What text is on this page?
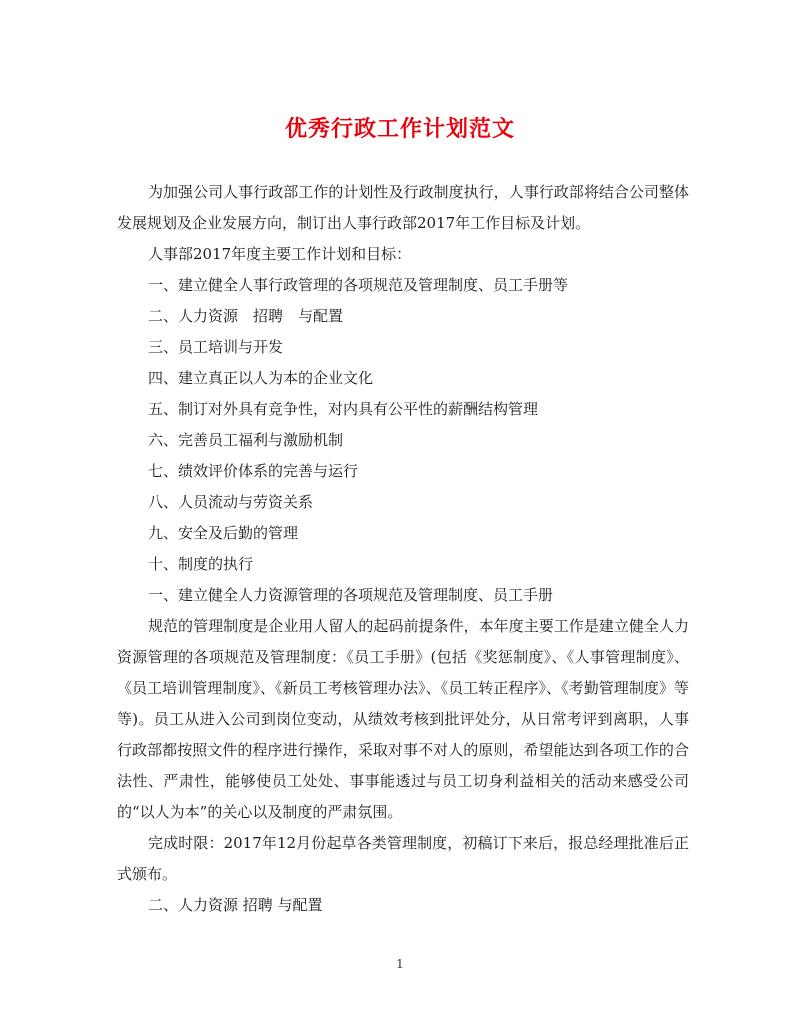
优秀行政工作计划范文

为加强公司人事行政部工作的计划性及行政制度执行，人事行政部将结合公司整体发展规划及企业发展方向，制订出人事行政部2017年工作目标及计划。

人事部2017年度主要工作计划和目标：

一、建立健全人事行政管理的各项规范及管理制度、员工手册等

二、人力资源　招聘　与配置

三、员工培训与开发

四、建立真正以人为本的企业文化

五、制订对外具有竞争性，对内具有公平性的薪酬结构管理

六、完善员工福利与激励机制

七、绩效评价体系的完善与运行

八、人员流动与劳资关系

九、安全及后勤的管理

十、制度的执行

一、建立健全人力资源管理的各项规范及管理制度、员工手册

规范的管理制度是企业用人留人的起码前提条件，本年度主要工作是建立健全人力资源管理的各项规范及管理制度：《员工手册》(包括《奖惩制度》、《人事管理制度》、《员工培训管理制度》、《新员工考核管理办法》、《员工转正程序》、《考勤管理制度》等等)。员工从进入公司到岗位变动，从绩效考核到批评处分，从日常考评到离职，人事行政部都按照文件的程序进行操作，采取对事不对人的原则，希望能达到各项工作的合法性、严肃性，能够使员工处处、事事能透过与员工切身利益相关的活动来感受公司的“以人为本”的关心以及制度的严肃氛围。

完成时限：2017年12月份起草各类管理制度，初稿订下来后，报总经理批准后正式颁布。

二、人力资源 招聘 与配置

1
